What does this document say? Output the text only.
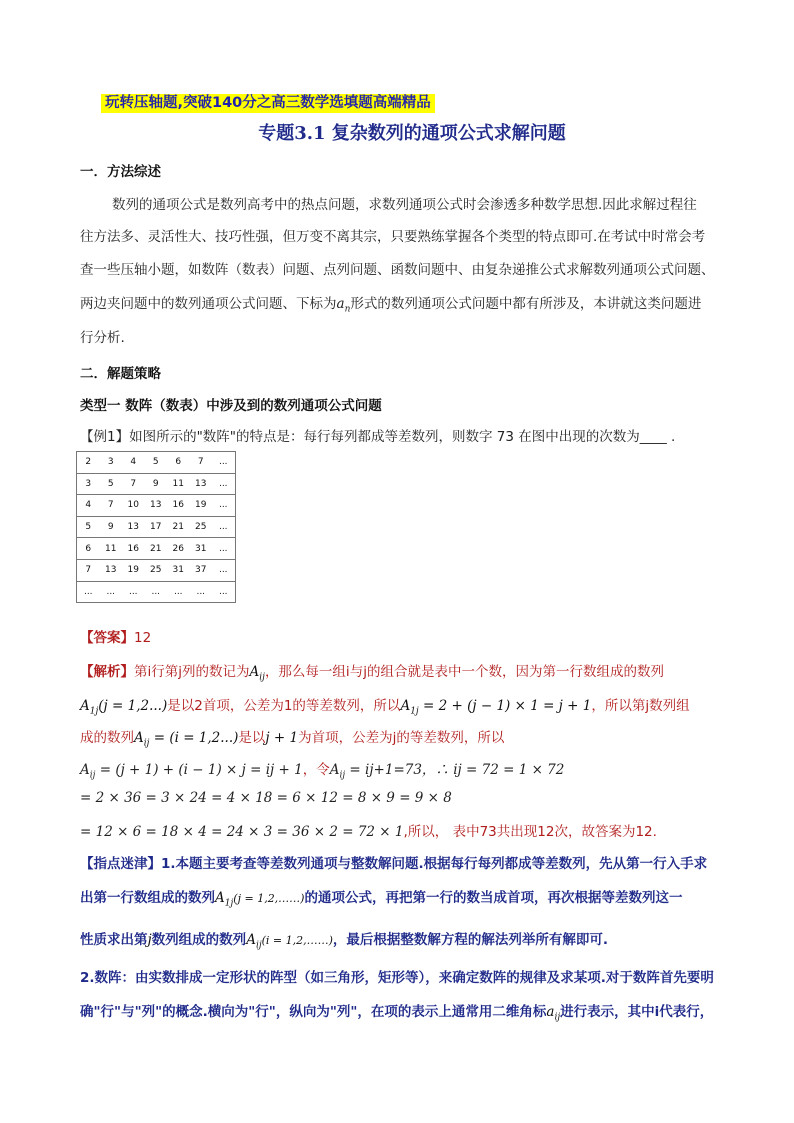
玩转压轴题,突破140分之高三数学选填题高端精品
专题3.1 复杂数列的通项公式求解问题
一．方法综述
数列的通项公式是数列高考中的热点问题，求数列通项公式时会渗透多种数学思想.因此求解过程往
往方法多、灵活性大、技巧性强，但万变不离其宗，只要熟练掌握各个类型的特点即可.在考试中时常会考
查一些压轴小题，如数阵（数表）问题、点列问题、函数问题中、由复杂递推公式求解数列通项公式问题、
两边夹问题中的数列通项公式问题、下标为$a_n$形式的数列通项公式问题中都有所涉及，本讲就这类问题进
行分析.
二．解题策略
类型一 数阵（数表）中涉及到的数列通项公式问题
【例1】如图所示的"数阵"的特点是：每行每列都成等差数列，则数字 73 在图中出现的次数为____ .
2	3	4	5	6	7	...
3	5	7	9	11	13	...
4	7	10	13	16	19	...
5	9	13	17	21	25	...
6	11	16	21	26	31	...
7	13	19	25	31	37	...
...	...	...	...	...	...	...
【答案】12
【解析】第i行第j列的数记为$A_{ij}$，那么每一组i与j的组合就是表中一个数，因为第一行数组成的数列
$A_{1j}(j = 1,2...)$是以2首项，公差为1的等差数列，所以$A_{1j} = 2 + (j - 1) \times 1 = j + 1$，所以第j数列组
成的数列$A_{ij} = (i = 1,2...)$是以j + 1为首项，公差为j的等差数列，所以
$A_{ij} = (j + 1) + (i - 1) \times j$ = ij + 1，令$A_{ij} = ij+1=73$，∴ ij = 72 = 1 × 72
= 2 × 36 = 3 × 24 = 4 × 18 = 6 × 12 = 8 × 9 = 9 × 8
= 12 × 6 = 18 × 4 = 24 × 3 = 36 × 2 = 72 × 1,所以， 表中73共出现12次，故答案为12.
【指点迷津】1.本题主要考查等差数列通项与整数解问题.根据每行每列都成等差数列，先从第一行入手求
出第一行数组成的数列$A_{1j}(j$ = 1,2,……)的通项公式，再把第一行的数当成首项，再次根据等差数列这一
性质求出第j数列组成的数列$A_{ij}(i$ = 1,2,……)，最后根据整数解方程的解法列举所有解即可.
2.数阵：由实数排成一定形状的阵型（如三角形，矩形等），来确定数阵的规律及求某项.对于数阵首先要明
确"行"与"列"的概念.横向为"行"，纵向为"列"，在项的表示上通常用二维角标$a_{ij}$进行表示，其中i代表行，
